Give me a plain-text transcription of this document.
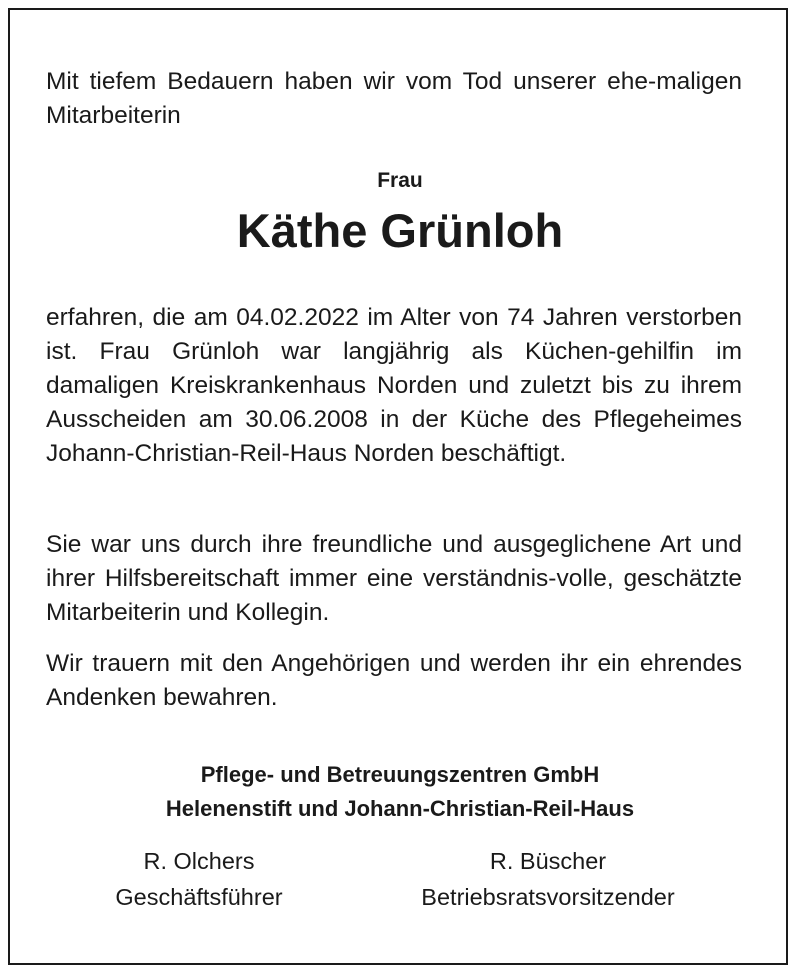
Mit tiefem Bedauern haben wir vom Tod unserer ehe-maligen Mitarbeiterin

Frau

Käthe Grünloh

erfahren, die am 04.02.2022 im Alter von 74 Jahren verstorben ist. Frau Grünloh war langjährig als Küchen-gehilfin im damaligen Kreiskrankenhaus Norden und zuletzt bis zu ihrem Ausscheiden am 30.06.2008 in der Küche des Pflegeheimes Johann-Christian-Reil-Haus Norden beschäftigt.

Sie war uns durch ihre freundliche und ausgeglichene Art und ihrer Hilfsbereitschaft immer eine verständnis-volle, geschätzte Mitarbeiterin und Kollegin.

Wir trauern mit den Angehörigen und werden ihr ein ehrendes Andenken bewahren.

Pflege- und Betreuungszentren GmbH

Helenenstift und Johann-Christian-Reil-Haus

R. Olchers
Geschäftsführer
R. Büscher
Betriebsratsvorsitzender
